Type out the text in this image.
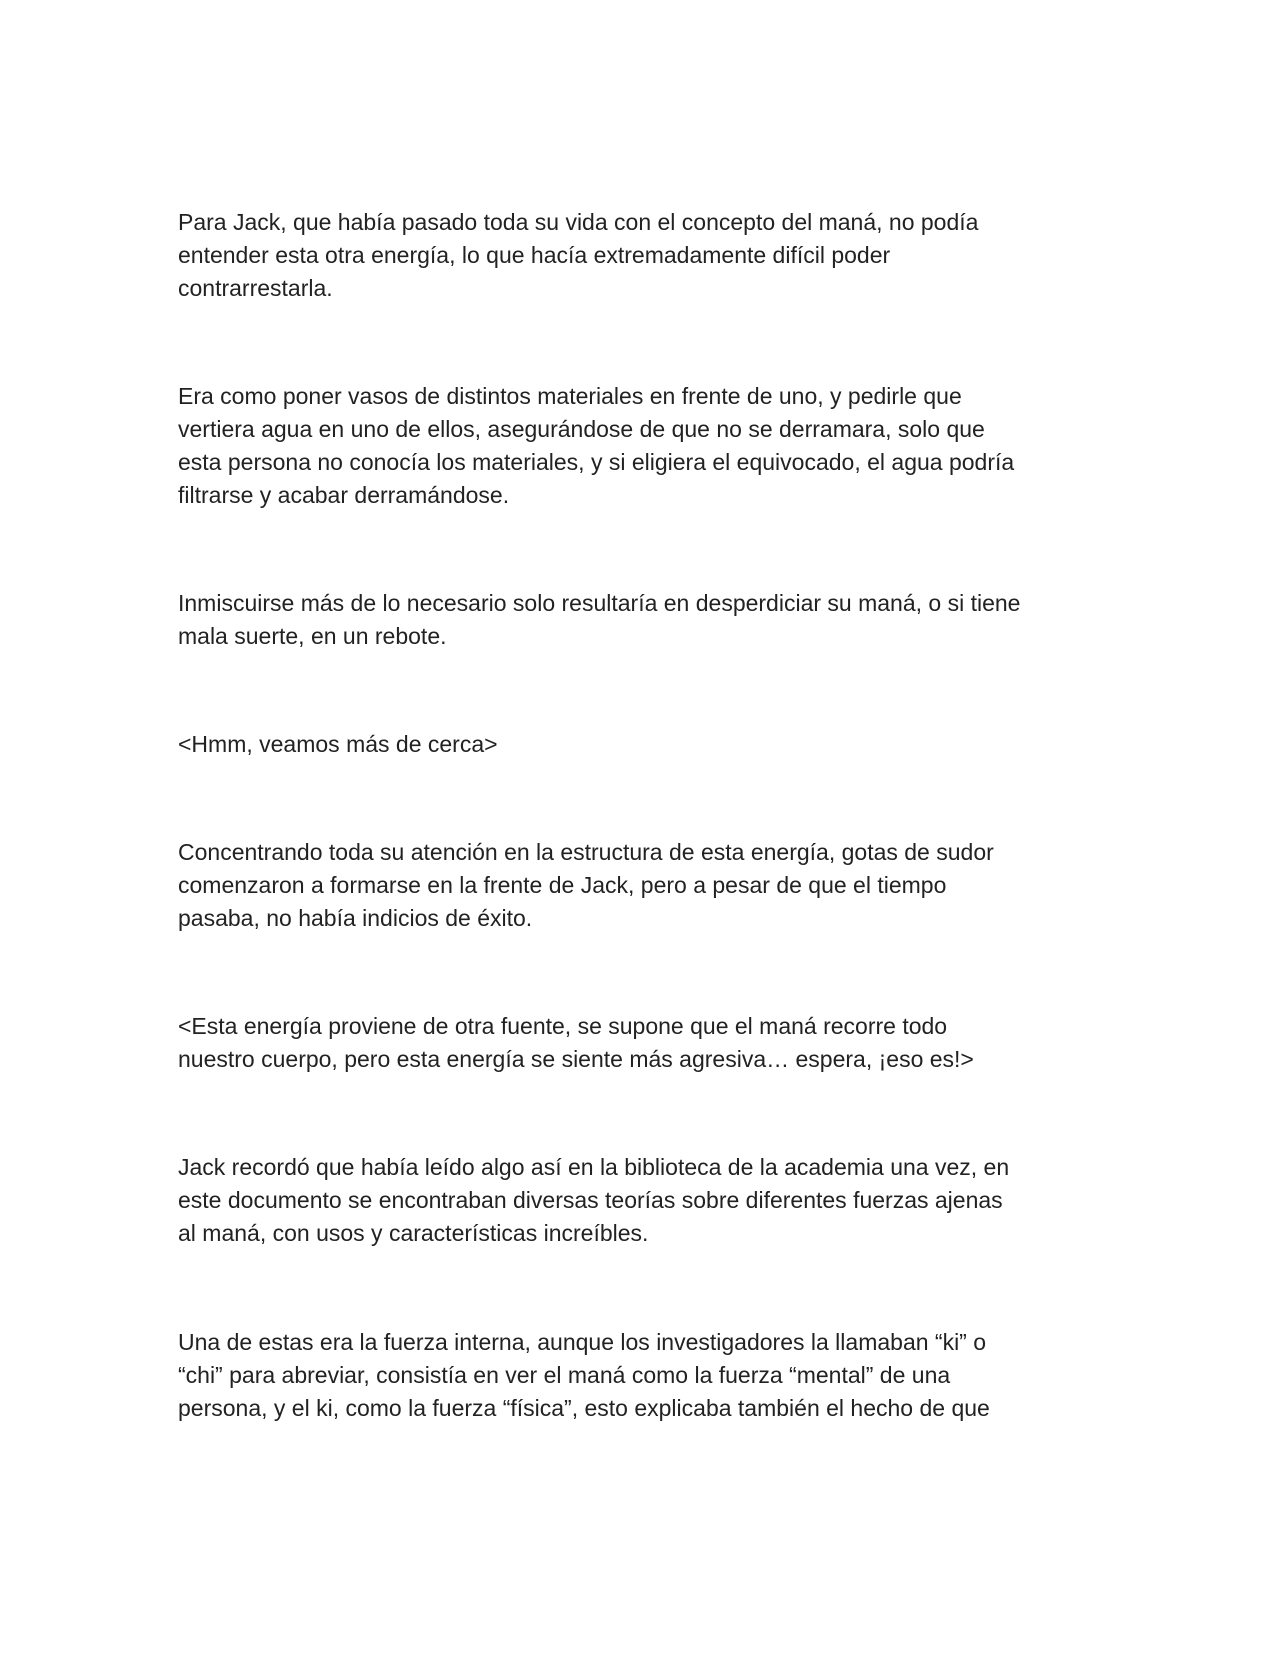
Para Jack, que había pasado toda su vida con el concepto del maná, no podía
entender esta otra energía, lo que hacía extremadamente difícil poder
contrarrestarla.

Era como poner vasos de distintos materiales en frente de uno, y pedirle que
vertiera agua en uno de ellos, asegurándose de que no se derramara, solo que
esta persona no conocía los materiales, y si eligiera el equivocado, el agua podría
filtrarse y acabar derramándose.

Inmiscuirse más de lo necesario solo resultaría en desperdiciar su maná, o si tiene
mala suerte, en un rebote.

<Hmm, veamos más de cerca>

Concentrando toda su atención en la estructura de esta energía, gotas de sudor
comenzaron a formarse en la frente de Jack, pero a pesar de que el tiempo
pasaba, no había indicios de éxito.

<Esta energía proviene de otra fuente, se supone que el maná recorre todo
nuestro cuerpo, pero esta energía se siente más agresiva… espera, ¡eso es!>

Jack recordó que había leído algo así en la biblioteca de la academia una vez, en
este documento se encontraban diversas teorías sobre diferentes fuerzas ajenas
al maná, con usos y características increíbles.

Una de estas era la fuerza interna, aunque los investigadores la llamaban “ki” o
“chi” para abreviar, consistía en ver el maná como la fuerza “mental” de una
persona, y el ki, como la fuerza “física”, esto explicaba también el hecho de que
